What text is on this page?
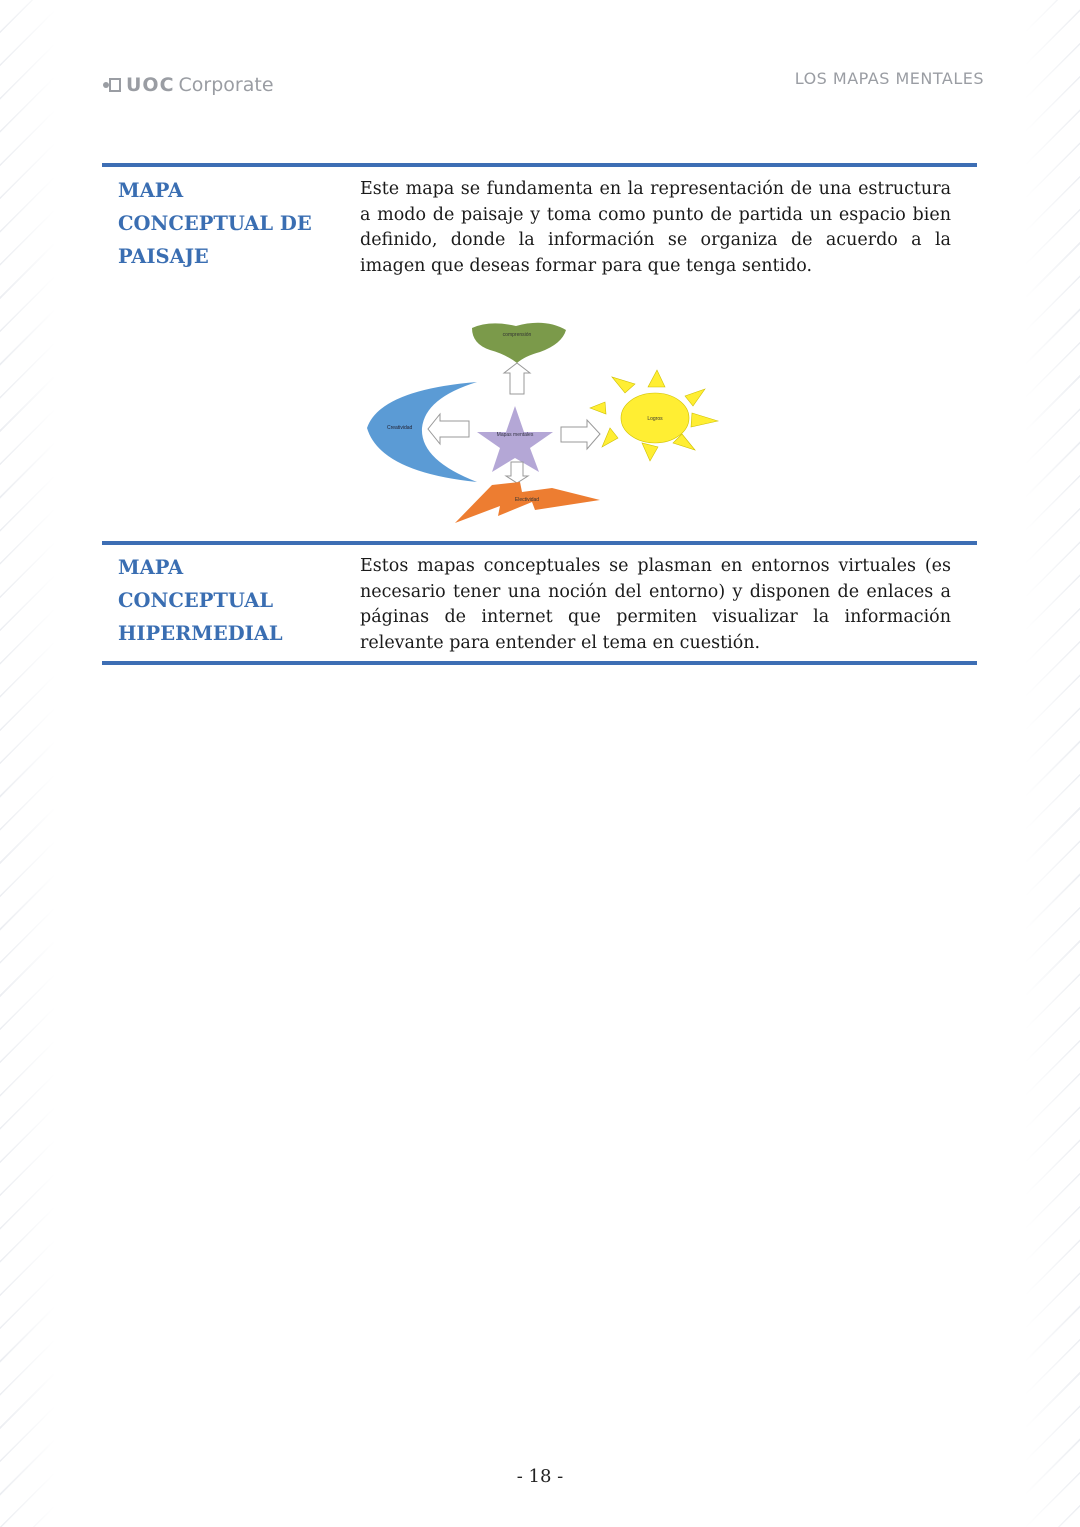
UOC Corporate	LOS MAPAS MENTALES
MAPA
CONCEPTUAL DE
PAISAJE
Este mapa se fundamenta en la representación de una estructura a modo de paisaje y toma como punto de partida un espacio bien definido, donde la información se organiza de acuerdo a la imagen que deseas formar para que tenga sentido.
comprensión
Creatividad
Mapas mentales
Logros
Electividad
MAPA
CONCEPTUAL
HIPERMEDIAL
Estos mapas conceptuales se plasman en entornos virtuales (es necesario tener una noción del entorno) y disponen de enlaces a páginas de internet que permiten visualizar la información relevante para entender el tema en cuestión.
- 18 -
